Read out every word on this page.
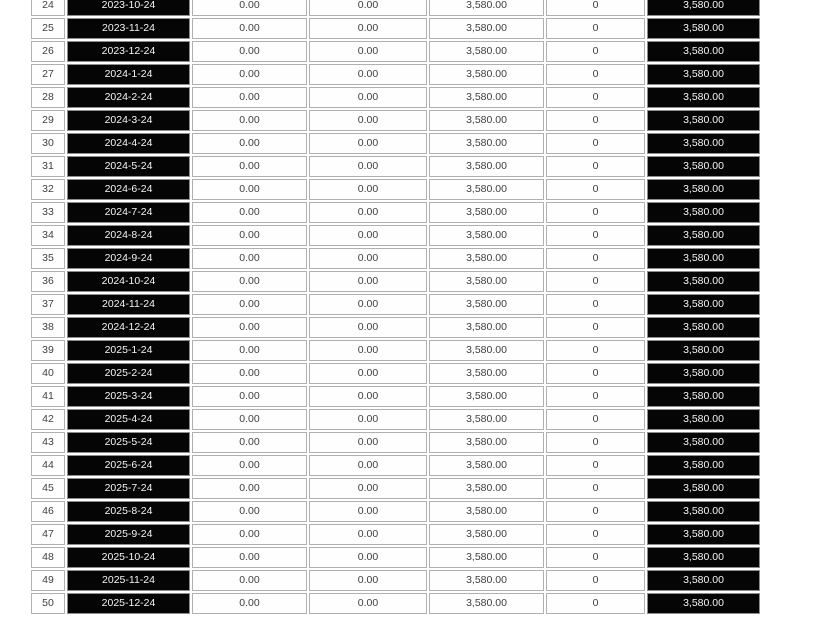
24	2023-10-24	0.00	0.00	3,580.00	0	3,580.00
25	2023-11-24	0.00	0.00	3,580.00	0	3,580.00
26	2023-12-24	0.00	0.00	3,580.00	0	3,580.00
27	2024-1-24	0.00	0.00	3,580.00	0	3,580.00
28	2024-2-24	0.00	0.00	3,580.00	0	3,580.00
29	2024-3-24	0.00	0.00	3,580.00	0	3,580.00
30	2024-4-24	0.00	0.00	3,580.00	0	3,580.00
31	2024-5-24	0.00	0.00	3,580.00	0	3,580.00
32	2024-6-24	0.00	0.00	3,580.00	0	3,580.00
33	2024-7-24	0.00	0.00	3,580.00	0	3,580.00
34	2024-8-24	0.00	0.00	3,580.00	0	3,580.00
35	2024-9-24	0.00	0.00	3,580.00	0	3,580.00
36	2024-10-24	0.00	0.00	3,580.00	0	3,580.00
37	2024-11-24	0.00	0.00	3,580.00	0	3,580.00
38	2024-12-24	0.00	0.00	3,580.00	0	3,580.00
39	2025-1-24	0.00	0.00	3,580.00	0	3,580.00
40	2025-2-24	0.00	0.00	3,580.00	0	3,580.00
41	2025-3-24	0.00	0.00	3,580.00	0	3,580.00
42	2025-4-24	0.00	0.00	3,580.00	0	3,580.00
43	2025-5-24	0.00	0.00	3,580.00	0	3,580.00
44	2025-6-24	0.00	0.00	3,580.00	0	3,580.00
45	2025-7-24	0.00	0.00	3,580.00	0	3,580.00
46	2025-8-24	0.00	0.00	3,580.00	0	3,580.00
47	2025-9-24	0.00	0.00	3,580.00	0	3,580.00
48	2025-10-24	0.00	0.00	3,580.00	0	3,580.00
49	2025-11-24	0.00	0.00	3,580.00	0	3,580.00
50	2025-12-24	0.00	0.00	3,580.00	0	3,580.00
